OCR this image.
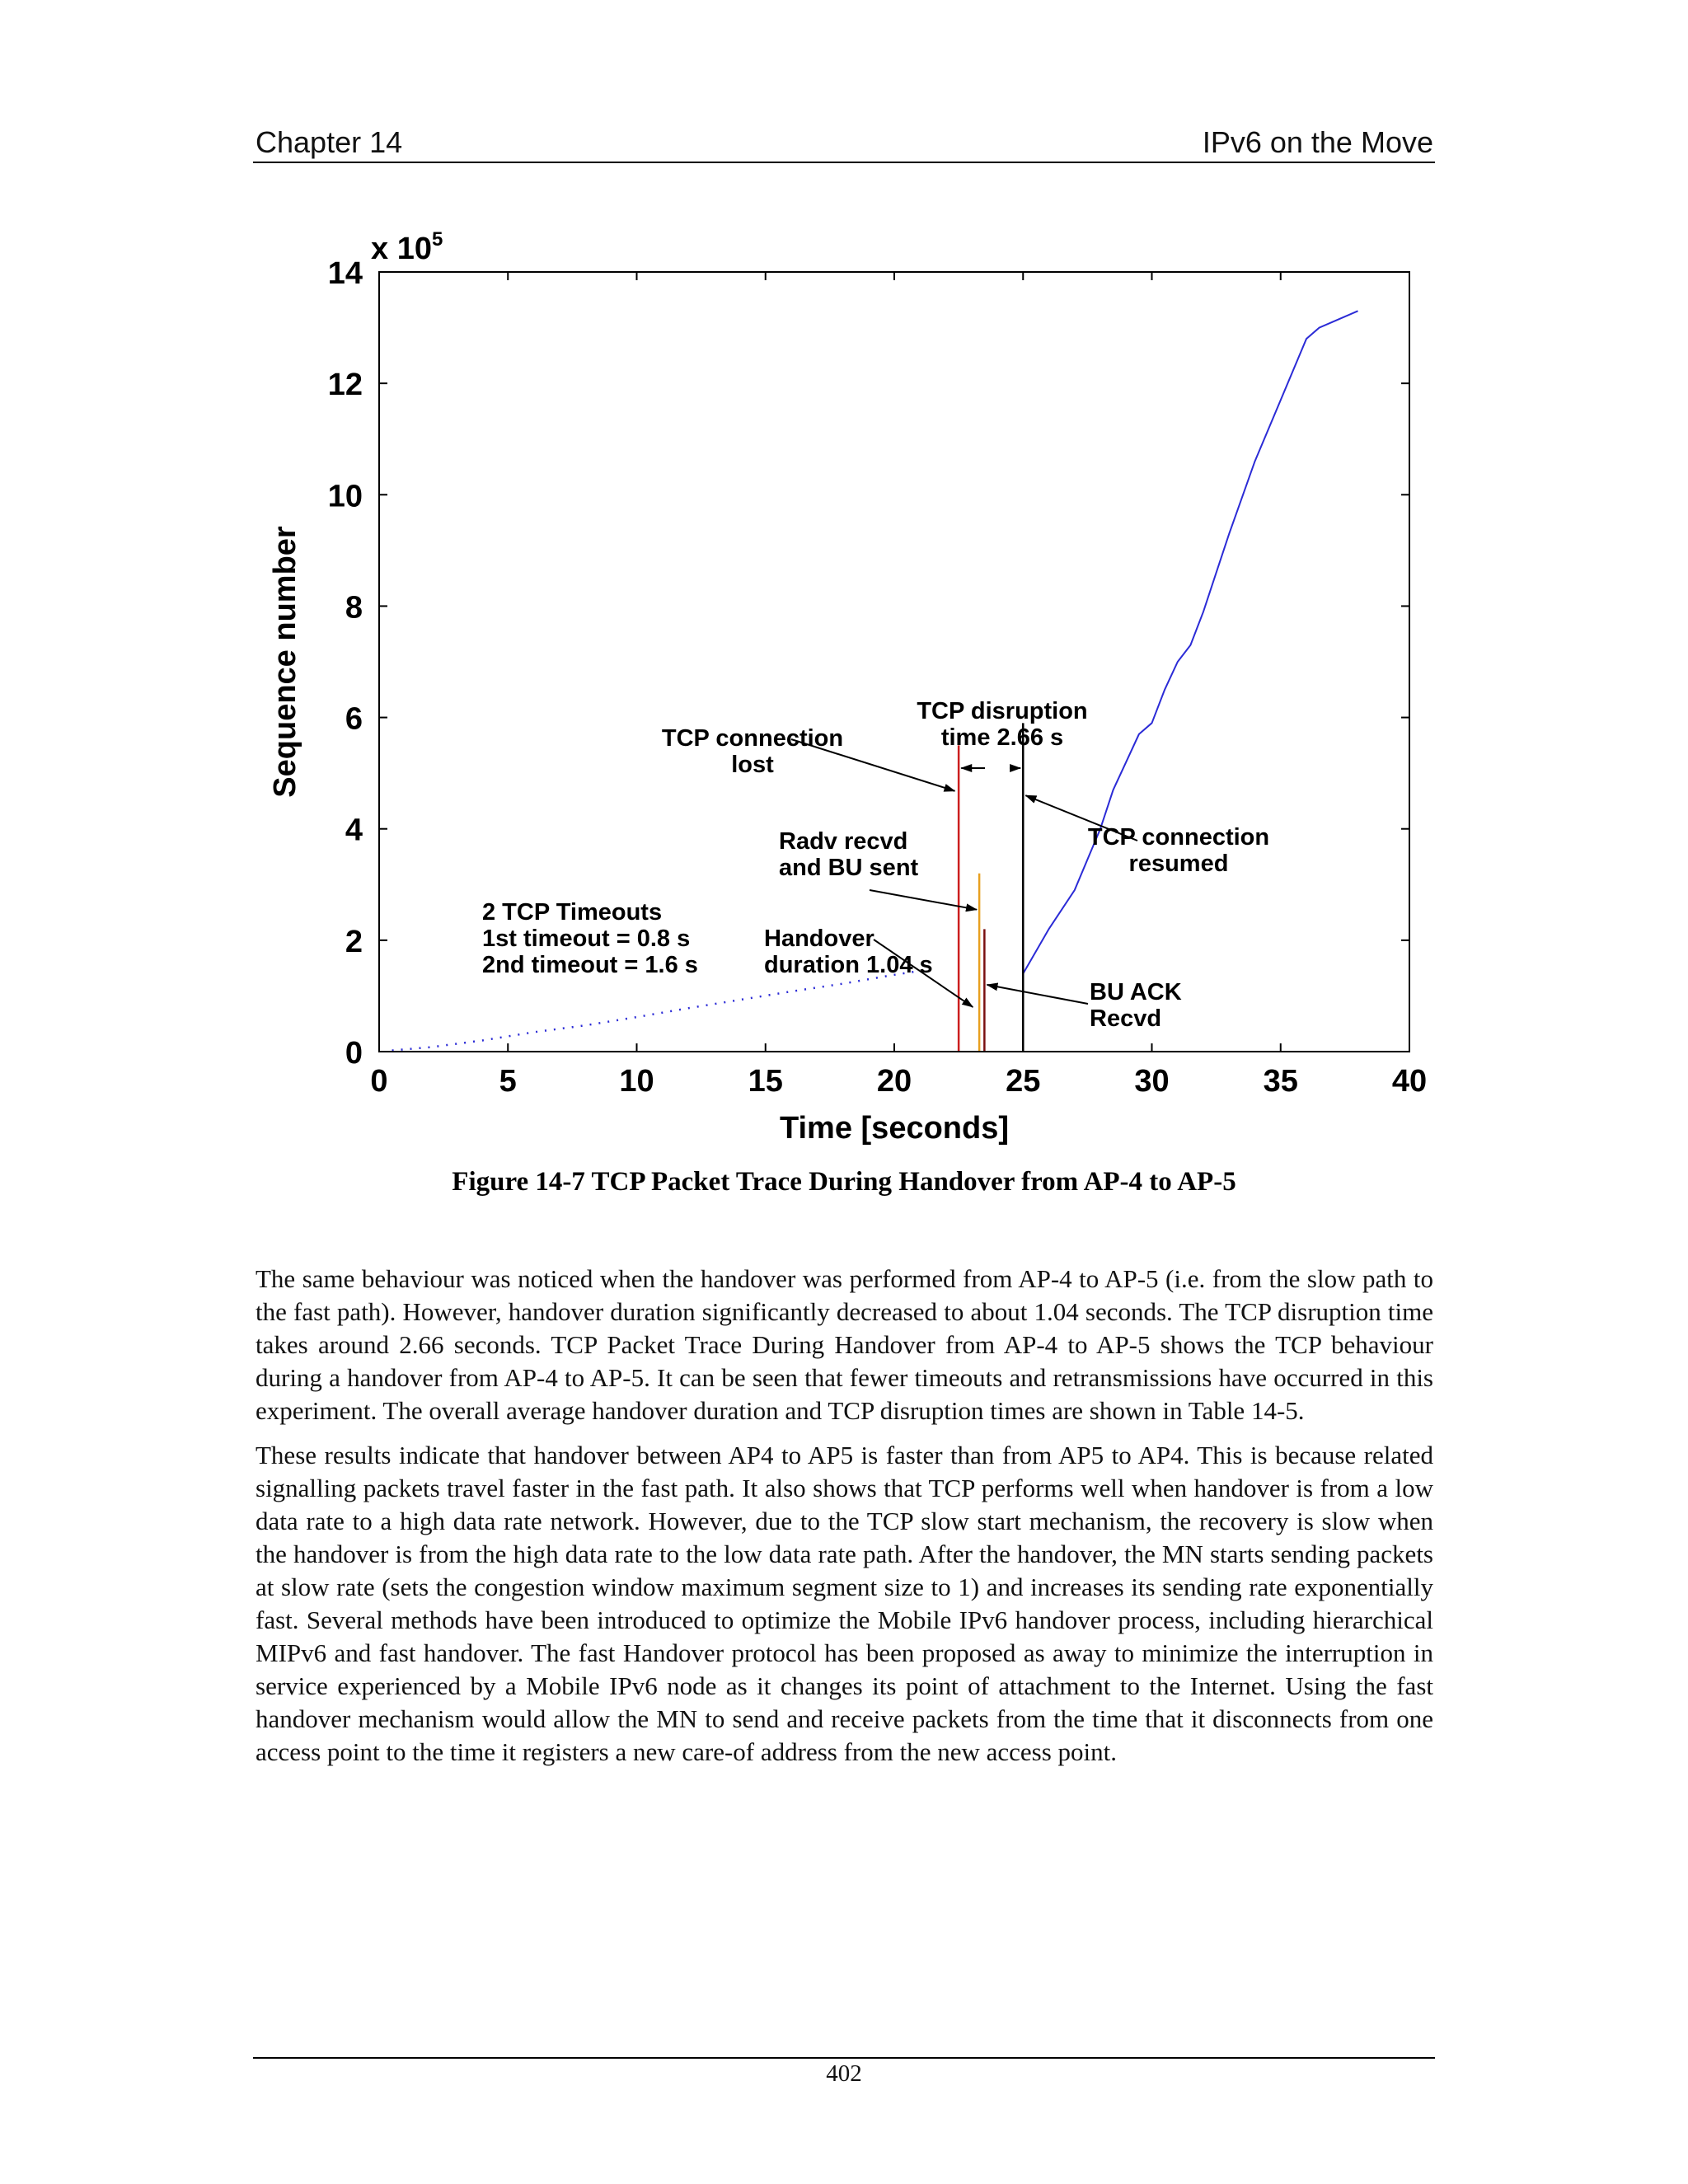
Chapter 14	IPv6 on the Move
0	5	10	15	20	25	30	35	40
0
2
4
6
8
10
12
14
TCP connection
lost
TCP disruption
time 2.66 s
TCP connection
resumed
Radv recvd
and BU sent
2 TCP Timeouts
1st timeout = 0.8 s
2nd timeout = 1.6 s
Handover
duration 1.04 s
BU ACK
Recvd
x $10^5$
Time [seconds]
Sequence number
Figure 14-7 TCP Packet Trace During Handover from AP-4 to AP-5

The same behaviour was noticed when the handover was performed from AP-4 to AP-5 (i.e. from the slow path to the fast path). However, handover duration significantly decreased to about 1.04 seconds. The TCP disruption time takes around 2.66 seconds. TCP Packet Trace During Handover from AP-4 to AP-5 shows the TCP behaviour during a handover from AP-4 to AP-5. It can be seen that fewer timeouts and retransmissions have occurred in this experiment. The overall average handover duration and TCP disruption times are shown in Table 14-5.

These results indicate that handover between AP4 to AP5 is faster than from AP5 to AP4. This is because related signalling packets travel faster in the fast path. It also shows that TCP performs well when handover is from a low data rate to a high data rate network. However, due to the TCP slow start mechanism, the recovery is slow when the handover is from the high data rate to the low data rate path. After the handover, the MN starts sending packets at slow rate (sets the congestion window maximum segment size to 1) and increases its sending rate exponentially fast. Several methods have been introduced to optimize the Mobile IPv6 handover process, including hierarchical MIPv6 and fast handover. The fast Handover protocol has been proposed as away to minimize the interruption in service experienced by a Mobile IPv6 node as it changes its point of attachment to the Internet. Using the fast handover mechanism would allow the MN to send and receive packets from the time that it disconnects from one access point to the time it registers a new care-of address from the new access point.

402
